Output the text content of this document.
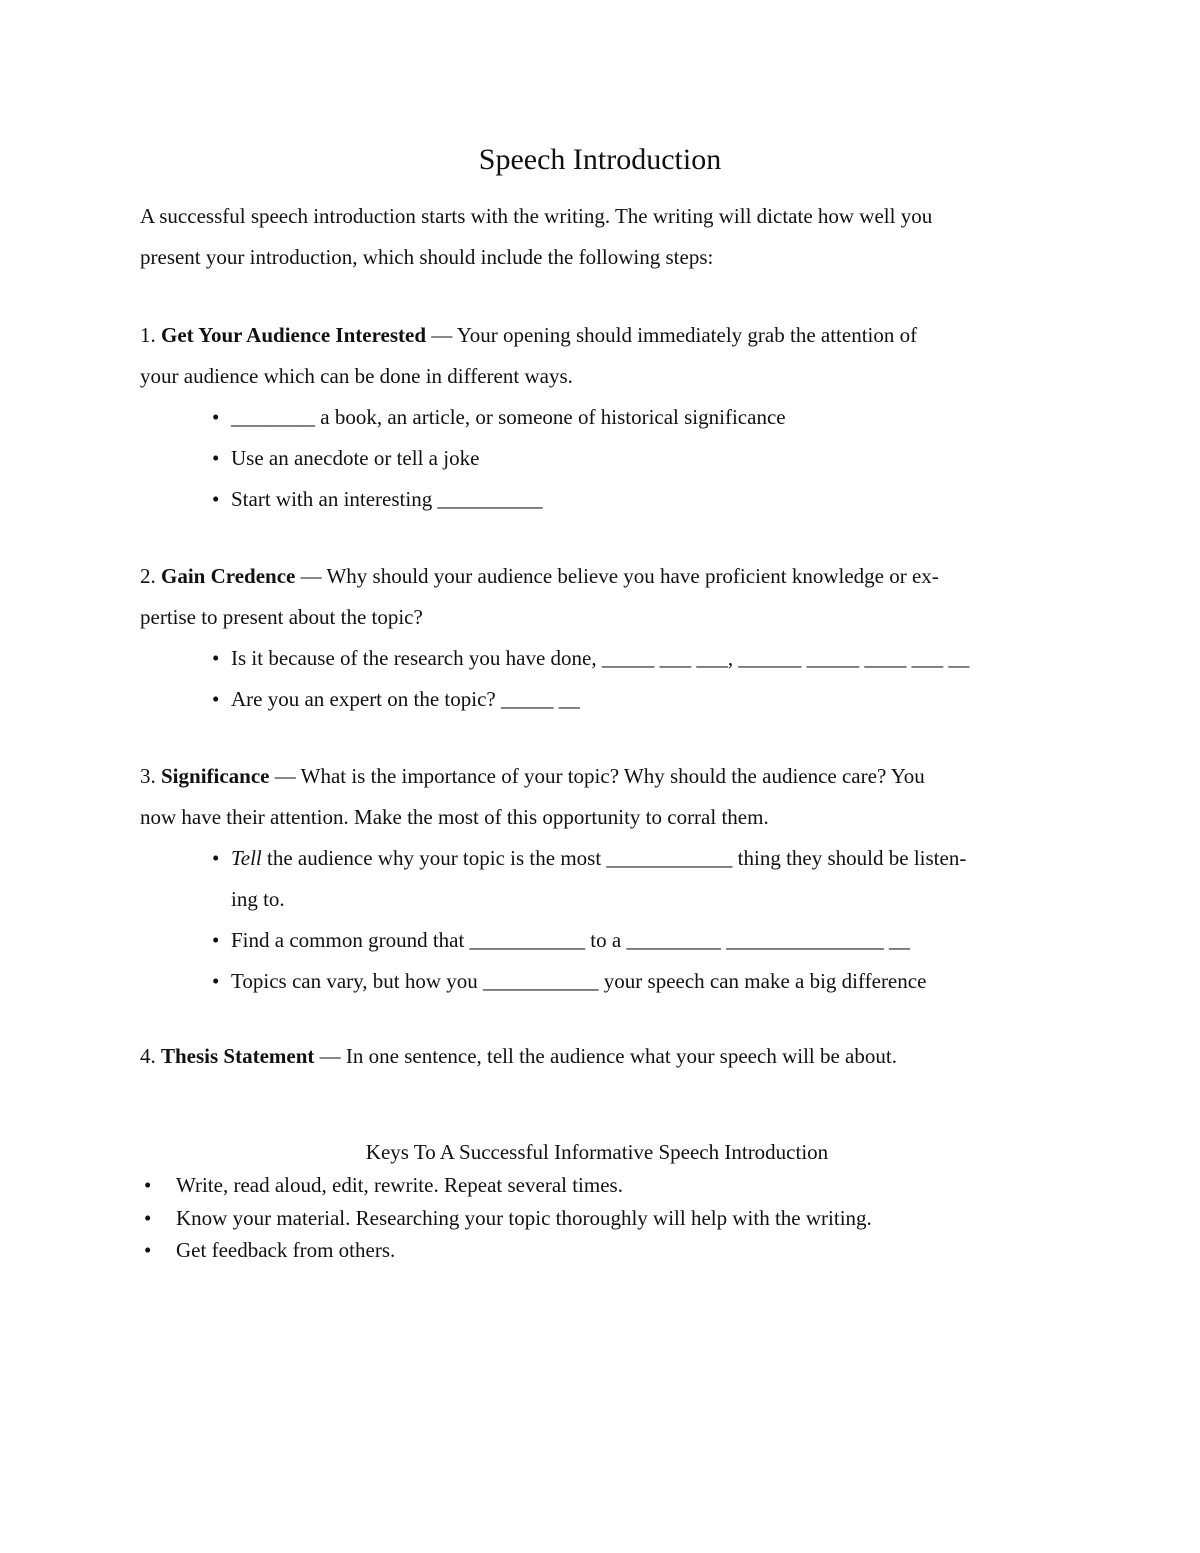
Speech Introduction

A successful speech introduction starts with the writing. The writing will dictate how well you

present your introduction, which should include the following steps:

1. Get Your Audience Interested — Your opening should immediately grab the attention of

your audience which can be done in different ways.

• ________ a book, an article, or someone of historical significance
• Use an anecdote or tell a joke
• Start with an interesting __________

2. Gain Credence — Why should your audience believe you have proficient knowledge or ex-

pertise to present about the topic?

• Is it because of the research you have done, _____ ___ ___, ______ _____ ____ ___ __
• Are you an expert on the topic? _____ __

3. Significance — What is the importance of your topic? Why should the audience care? You

now have their attention. Make the most of this opportunity to corral them.

• Tell the audience why your topic is the most ____________ thing they should be listen-
ing to.
• Find a common ground that ___________ to a _________ _______________ __
• Topics can vary, but how you ___________ your speech can make a big difference

4. Thesis Statement — In one sentence, tell the audience what your speech will be about.

Keys To A Successful Informative Speech Introduction
• Write, read aloud, edit, rewrite. Repeat several times.
• Know your material. Researching your topic thoroughly will help with the writing.
• Get feedback from others.
